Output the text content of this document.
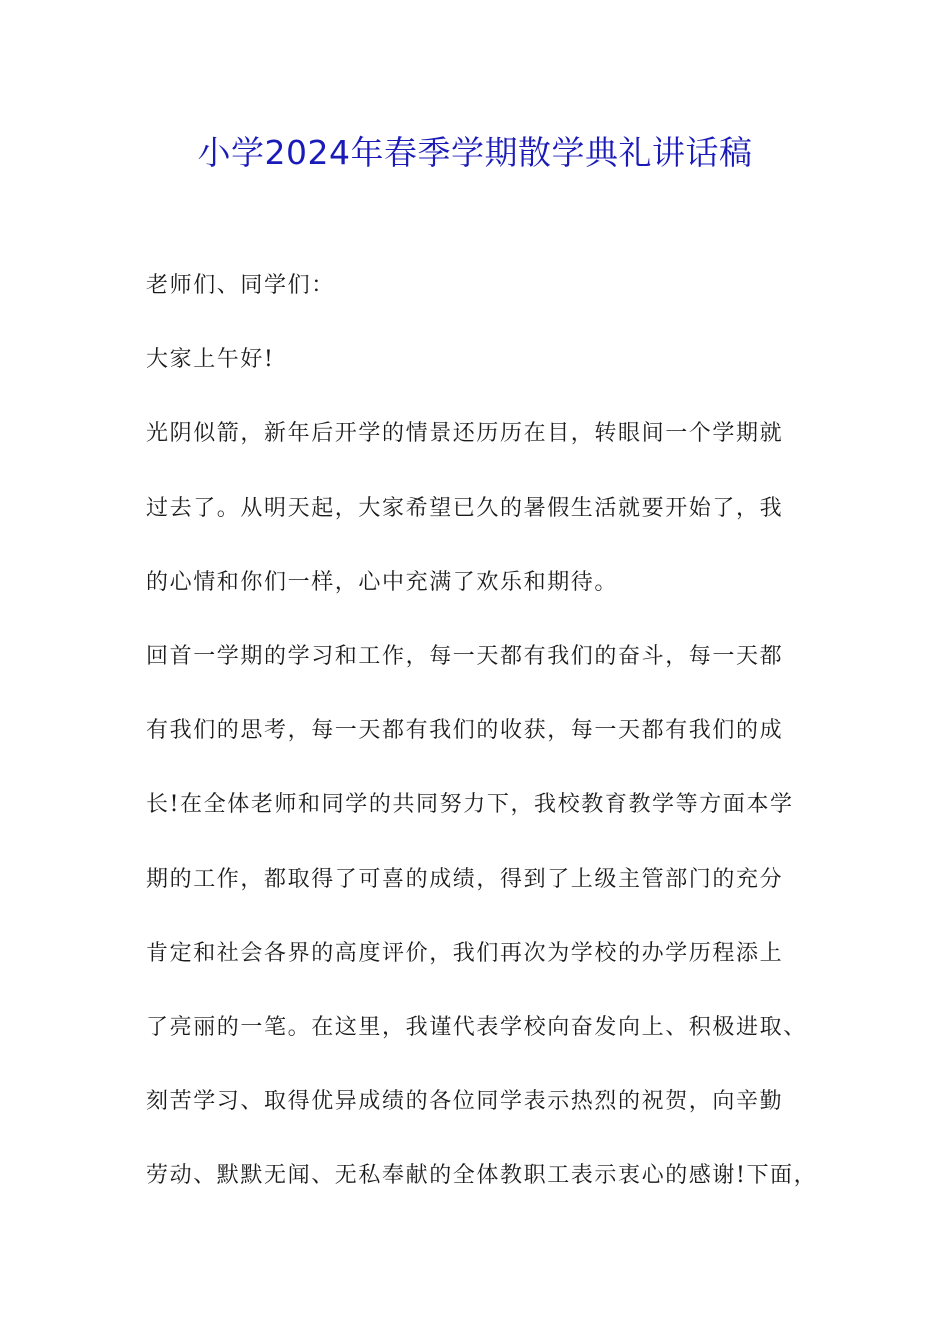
小学2024年春季学期散学典礼讲话稿
老师们、同学们：
大家上午好!
光阴似箭，新年后开学的情景还历历在目，转眼间一个学期就
过去了。从明天起，大家希望已久的暑假生活就要开始了，我
的心情和你们一样，心中充满了欢乐和期待。
回首一学期的学习和工作，每一天都有我们的奋斗，每一天都
有我们的思考，每一天都有我们的收获，每一天都有我们的成
长!在全体老师和同学的共同努力下，我校教育教学等方面本学
期的工作，都取得了可喜的成绩，得到了上级主管部门的充分
肯定和社会各界的高度评价，我们再次为学校的办学历程添上
了亮丽的一笔。在这里，我谨代表学校向奋发向上、积极进取、
刻苦学习、取得优异成绩的各位同学表示热烈的祝贺，向辛勤
劳动、默默无闻、无私奉献的全体教职工表示衷心的感谢!下面，
